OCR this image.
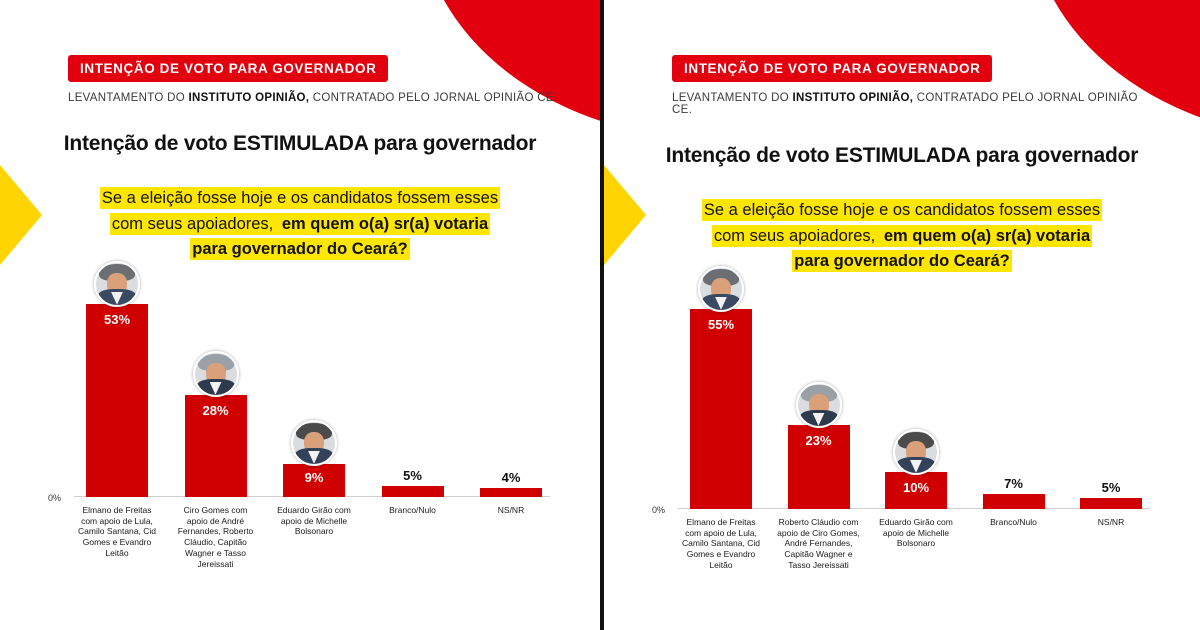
INTENÇÃO DE VOTO PARA GOVERNADOR
LEVANTAMENTO DO INSTITUTO OPINIÃO, CONTRATADO PELO JORNAL OPINIÃO CE.
Intenção de voto ESTIMULADA para governador
Se a eleição fosse hoje e os candidatos fossem esses
com seus apoiadores, em quem o(a) sr(a) votaria
para governador do Ceará?
0%
53%
28%
9%	5%	4%
Elmano de Freitas com apoio de Lula, Camilo Santana, Cid Gomes e Evandro Leitão
Ciro Gomes com apoio de André Fernandes, Roberto Cláudio, Capitão Wagner e Tasso Jereissati
Eduardo Girão com apoio de Michelle Bolsonaro
Branco/Nulo	NS/NR
INTENÇÃO DE VOTO PARA GOVERNADOR
LEVANTAMENTO DO INSTITUTO OPINIÃO, CONTRATADO PELO JORNAL OPINIÃO CE.
Intenção de voto ESTIMULADA para governador
Se a eleição fosse hoje e os candidatos fossem esses
com seus apoiadores, em quem o(a) sr(a) votaria
para governador do Ceará?
0%
55%
23%
10%	7%	5%
Elmano de Freitas com apoio de Lula, Camilo Santana, Cid Gomes e Evandro Leitão
Roberto Cláudio com apoio de Ciro Gomes, André Fernandes, Capitão Wagner e Tasso Jereissati
Eduardo Girão com apoio de Michelle Bolsonaro
Branco/Nulo	NS/NR
